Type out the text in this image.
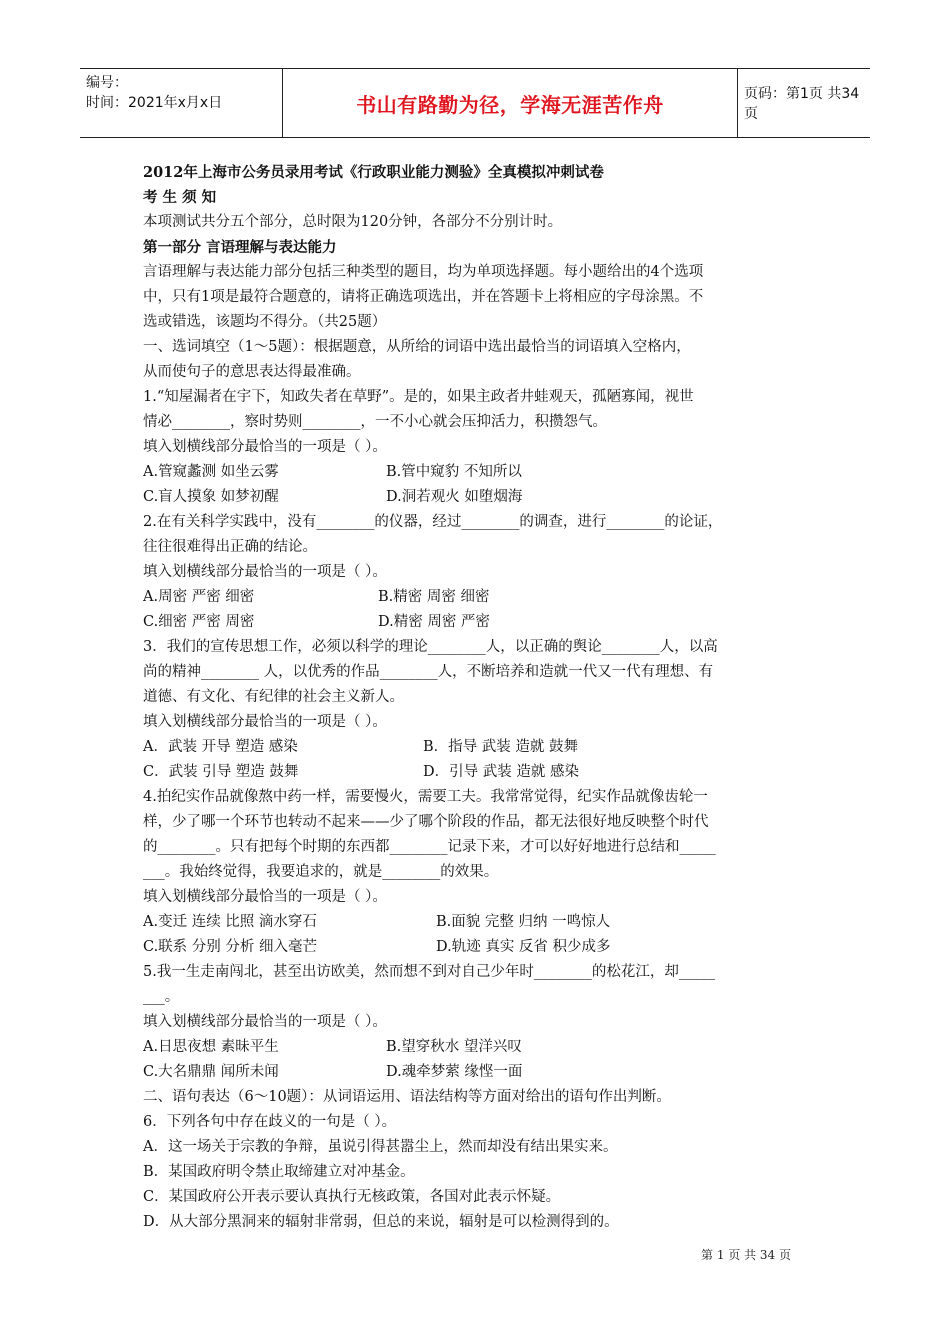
编号：
时间：2021年x月x日	书山有路勤为径，学海无涯苦作舟	页码：第1页 共34页
2012年上海市公务员录用考试《行政职业能力测验》全真模拟冲刺试卷
考 生 须 知
本项测试共分五个部分，总时限为120分钟，各部分不分别计时。
第一部分 言语理解与表达能力
言语理解与表达能力部分包括三种类型的题目，均为单项选择题。每小题给出的4个选项
中，只有1项是最符合题意的，请将正确选项选出，并在答题卡上将相应的字母涂黑。不
选或错选，该题均不得分。（共25题）
一、选词填空（1～5题）：根据题意，从所给的词语中选出最恰当的词语填入空格内，
从而使句子的意思表达得最准确。
1.“知屋漏者在宇下，知政失者在草野”。是的，如果主政者井蛙观天，孤陋寡闻，视世
情必________，察时势则________，一不小心就会压抑活力，积攒怨气。
填入划横线部分最恰当的一项是（ ）。
A.管窥蠡测 如坐云雾	B.管中窥豹 不知所以
C.盲人摸象 如梦初醒	D.洞若观火 如堕烟海
2.在有关科学实践中，没有________的仪器，经过________的调查，进行________的论证，
往往很难得出正确的结论。
填入划横线部分最恰当的一项是（ ）。
A.周密 严密 细密	B.精密 周密 细密
C.细密 严密 周密	D.精密 周密 严密
3．我们的宣传思想工作，必须以科学的理论________人，以正确的舆论________人，以高
尚的精神________ 人，以优秀的作品________人，不断培养和造就一代又一代有理想、有
道德、有文化、有纪律的社会主义新人。
填入划横线部分最恰当的一项是（ ）。
A．武装 开导 塑造 感染	B．指导 武装 造就 鼓舞
C．武装 引导 塑造 鼓舞	D．引导 武装 造就 感染
4.拍纪实作品就像熬中药一样，需要慢火，需要工夫。我常常觉得，纪实作品就像齿轮一
样，少了哪一个环节也转动不起来——少了哪个阶段的作品，都无法很好地反映整个时代
的________。只有把每个时期的东西都________记录下来，才可以好好地进行总结和_____
___。我始终觉得，我要追求的，就是________的效果。
填入划横线部分最恰当的一项是（ ）。
A.变迁 连续 比照 滴水穿石	B.面貌 完整 归纳 一鸣惊人
C.联系 分别 分析 细入毫芒	D.轨迹 真实 反省 积少成多
5.我一生走南闯北，甚至出访欧美，然而想不到对自己少年时________的松花江，却_____
___。
填入划横线部分最恰当的一项是（ ）。
A.日思夜想 素昧平生	B.望穿秋水 望洋兴叹
C.大名鼎鼎 闻所未闻	D.魂牵梦萦 缘悭一面
二、语句表达（6～10题）：从词语运用、语法结构等方面对给出的语句作出判断。
6．下列各句中存在歧义的一句是（ ）。
A．这一场关于宗教的争辩，虽说引得甚嚣尘上，然而却没有结出果实来。
B．某国政府明令禁止取缔建立对冲基金。
C．某国政府公开表示要认真执行无核政策，各国对此表示怀疑。
D．从大部分黑洞来的辐射非常弱，但总的来说，辐射是可以检测得到的。
第 1 页 共 34 页
